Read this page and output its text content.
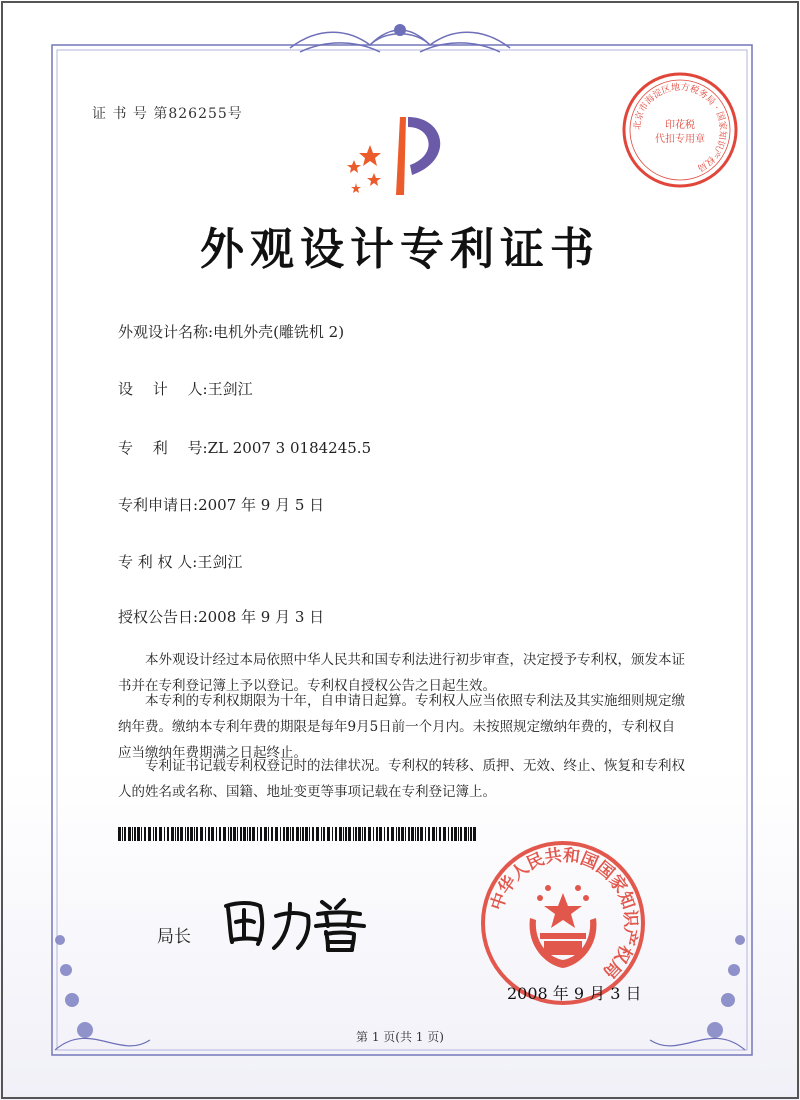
证 书 号 第826255号
外观设计专利证书
外观设计名称:电机外壳(雕铣机 2)
设　 计　 人:王剑江
专　 利　 号:ZL 2007 3 0184245.5
专利申请日:2007 年 9 月 5 日
专 利 权 人:王剑江
授权公告日:2008 年 9 月 3 日

本外观设计经过本局依照中华人民共和国专利法进行初步审查，决定授予专利权，颁发本证书并在专利登记簿上予以登记。专利权自授权公告之日起生效。

本专利的专利权期限为十年，自申请日起算。专利权人应当依照专利法及其实施细则规定缴纳年费。缴纳本专利年费的期限是每年9月5日前一个月内。未按照规定缴纳年费的，专利权自应当缴纳年费期满之日起终止。

专利证书记载专利权登记时的法律状况。专利权的转移、质押、无效、终止、恢复和专利权人的姓名或名称、国籍、地址变更等事项记载在专利登记簿上。

局长
北京市海淀区地方税务局 · 国家知识产权局
印花税
代扣专用章
中华人民共和国国家知识产权局
2008 年 9 月 3 日
第 1 页(共 1 页)
